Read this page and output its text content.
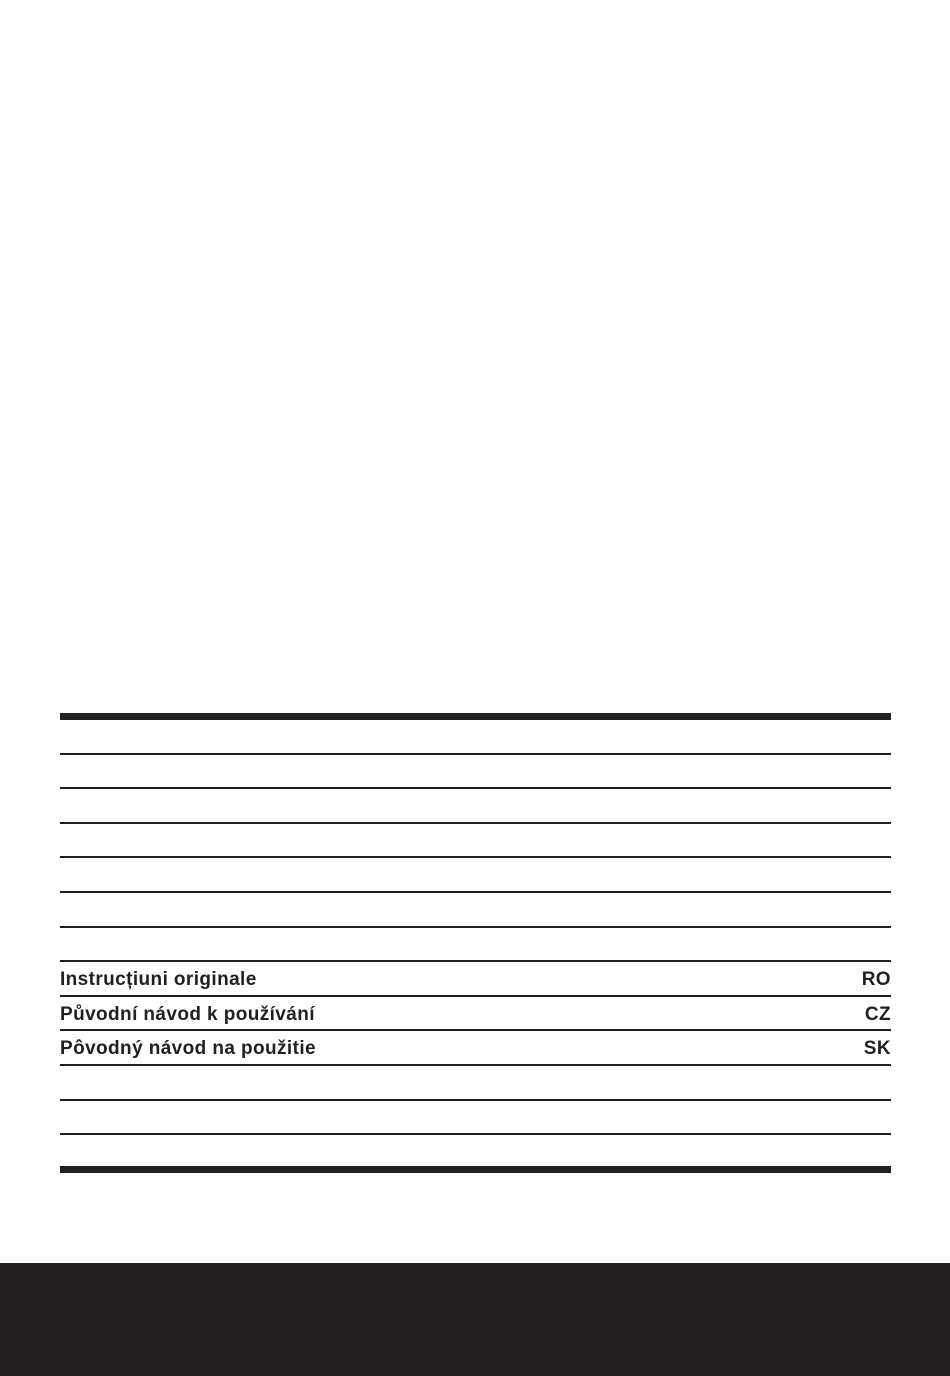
Instrucțiuni originale	RO
Původní návod k používání	CZ
Pôvodný návod na použitie	SK
